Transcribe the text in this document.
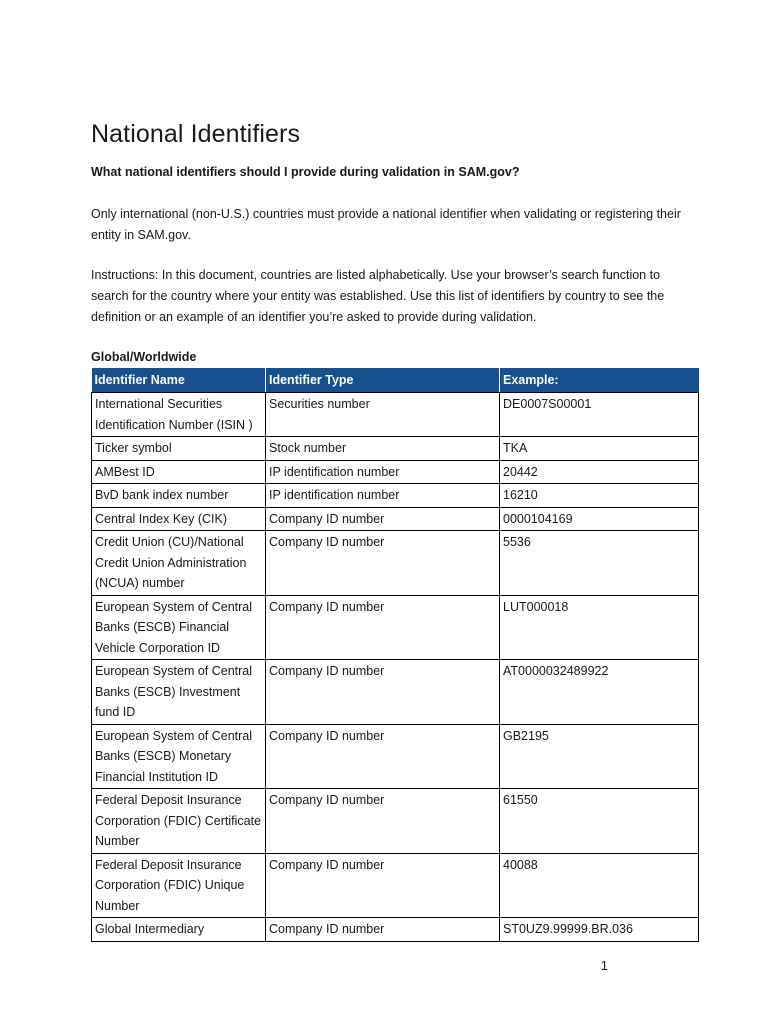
National Identifiers

What national identifiers should I provide during validation in SAM.gov?

Only international (non-U.S.) countries must provide a national identifier when validating or registering their entity in SAM.gov.

Instructions: In this document, countries are listed alphabetically. Use your browser’s search function to search for the country where your entity was established. Use this list of identifiers by country to see the definition or an example of an identifier you’re asked to provide during validation.

Global/Worldwide

Identifier Name	Identifier Type	Example:
International Securities Identification Number (ISIN )	Securities number	DE0007S00001
Ticker symbol	Stock number	TKA
AMBest ID	IP identification number	20442
BvD bank index number	IP identification number	16210
Central Index Key (CIK)	Company ID number	0000104169
Credit Union (CU)/National Credit Union Administration (NCUA) number	Company ID number	5536
European System of Central Banks (ESCB) Financial Vehicle Corporation ID	Company ID number	LUT000018
European System of Central Banks (ESCB) Investment fund ID	Company ID number	AT0000032489922
European System of Central Banks (ESCB) Monetary Financial Institution ID	Company ID number	GB2195
Federal Deposit Insurance Corporation (FDIC) Certificate Number	Company ID number	61550
Federal Deposit Insurance Corporation (FDIC) Unique Number	Company ID number	40088
Global Intermediary	Company ID number	ST0UZ9.99999.BR.036
1
